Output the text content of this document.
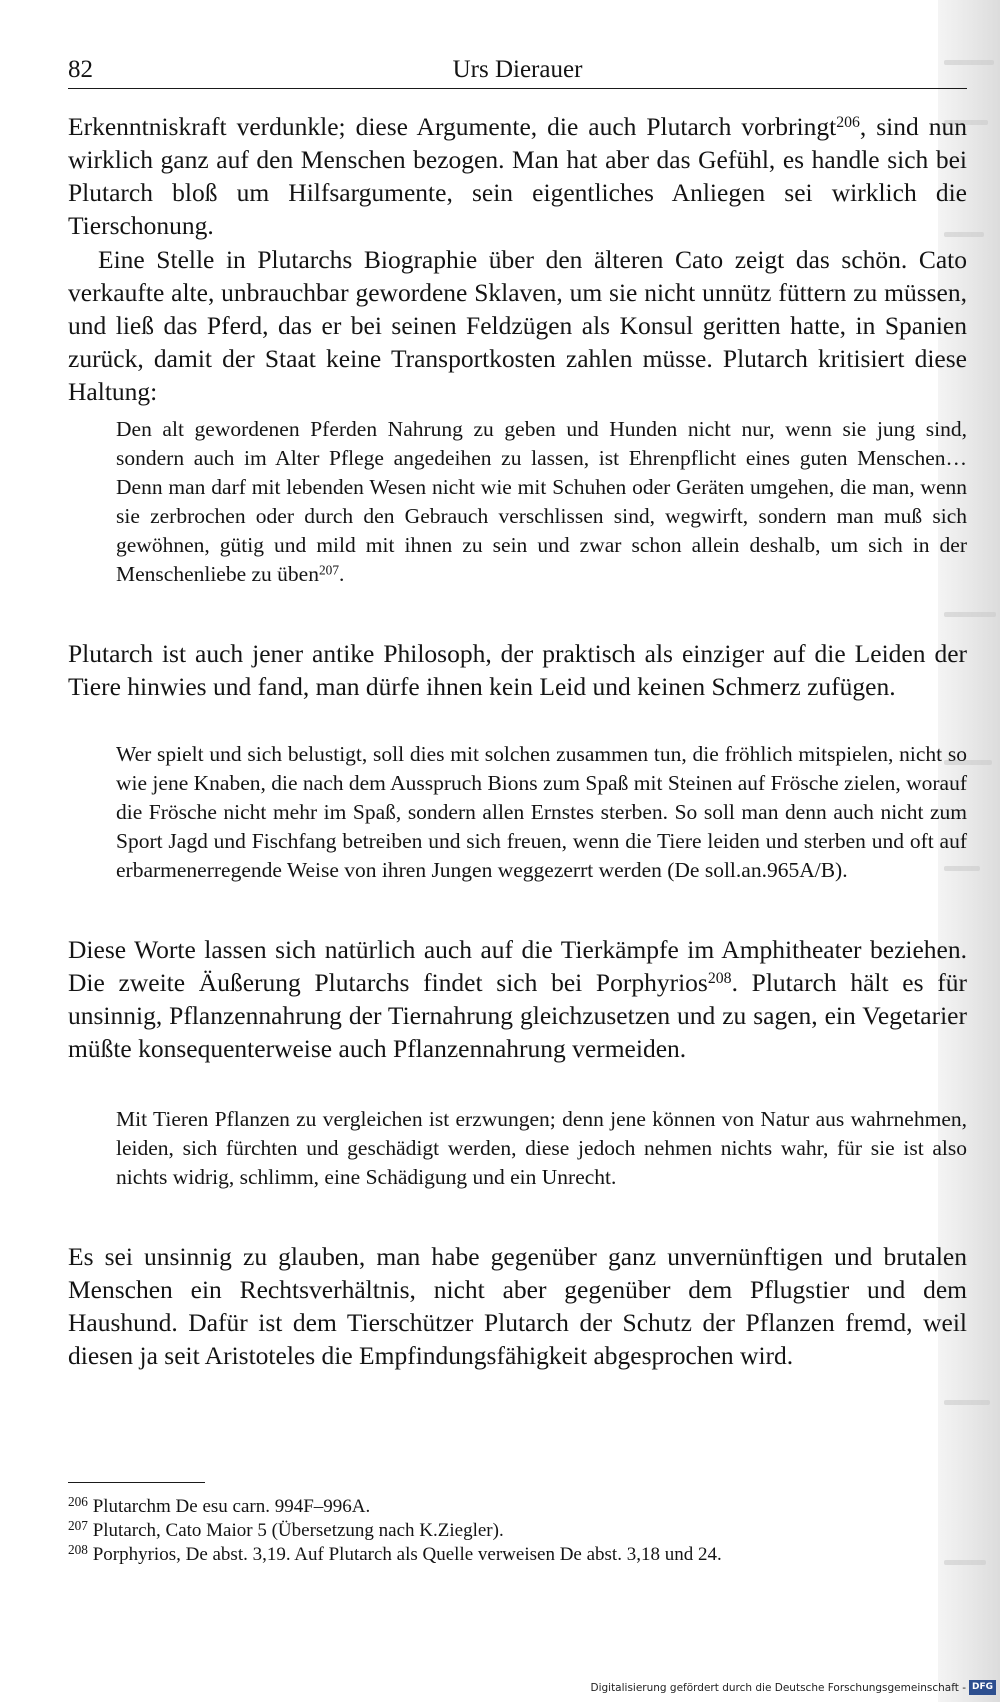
82	Urs Dierauer

Erkenntniskraft verdunkle; diese Argumente, die auch Plutarch vorbringt$^{206}$, sind nun wirklich ganz auf den Menschen bezogen. Man hat aber das Gefühl, es handle sich bei Plutarch bloß um Hilfsargumente, sein eigentliches Anliegen sei wirklich die Tierschonung.

Eine Stelle in Plutarchs Biographie über den älteren Cato zeigt das schön. Cato verkaufte alte, unbrauchbar gewordene Sklaven, um sie nicht unnütz füttern zu müssen, und ließ das Pferd, das er bei seinen Feldzügen als Konsul geritten hatte, in Spanien zurück, damit der Staat keine Transportkosten zahlen müsse. Plutarch kritisiert diese Haltung:

Den alt gewordenen Pferden Nahrung zu geben und Hunden nicht nur, wenn sie jung sind, sondern auch im Alter Pflege angedeihen zu lassen, ist Ehrenpflicht eines guten Menschen… Denn man darf mit lebenden Wesen nicht wie mit Schuhen oder Geräten umgehen, die man, wenn sie zerbrochen oder durch den Gebrauch verschlissen sind, wegwirft, sondern man muß sich gewöhnen, gütig und mild mit ihnen zu sein und zwar schon allein deshalb, um sich in der Menschenliebe zu üben$^{207}$.

Plutarch ist auch jener antike Philosoph, der praktisch als einziger auf die Leiden der Tiere hinwies und fand, man dürfe ihnen kein Leid und keinen Schmerz zufügen.

Wer spielt und sich belustigt, soll dies mit solchen zusammen tun, die fröhlich mitspielen, nicht so wie jene Knaben, die nach dem Ausspruch Bions zum Spaß mit Steinen auf Frösche zielen, worauf die Frösche nicht mehr im Spaß, sondern allen Ernstes sterben. So soll man denn auch nicht zum Sport Jagd und Fischfang betreiben und sich freuen, wenn die Tiere leiden und sterben und oft auf erbarmenerregende Weise von ihren Jungen weggezerrt werden (De soll.an.965A/B).

Diese Worte lassen sich natürlich auch auf die Tierkämpfe im Amphitheater beziehen. Die zweite Äußerung Plutarchs findet sich bei Porphyrios$^{208}$. Plutarch hält es für unsinnig, Pflanzennahrung der Tiernahrung gleichzusetzen und zu sagen, ein Vegetarier müßte konsequenterweise auch Pflanzennahrung vermeiden.

Mit Tieren Pflanzen zu vergleichen ist erzwungen; denn jene können von Natur aus wahrnehmen, leiden, sich fürchten und geschädigt werden, diese jedoch nehmen nichts wahr, für sie ist also nichts widrig, schlimm, eine Schädigung und ein Unrecht.

Es sei unsinnig zu glauben, man habe gegenüber ganz unvernünftigen und brutalen Menschen ein Rechtsverhältnis, nicht aber gegenüber dem Pflugstier und dem Haushund. Dafür ist dem Tierschützer Plutarch der Schutz der Pflanzen fremd, weil diesen ja seit Aristoteles die Empfindungsfähigkeit abgesprochen wird.

$^{206}$ Plutarchm De esu carn. 994F–996A.

$^{207}$ Plutarch, Cato Maior 5 (Übersetzung nach K.Ziegler).

$^{208}$ Porphyrios, De abst. 3,19. Auf Plutarch als Quelle verweisen De abst. 3,18 und 24.

Digitalisierung gefördert durch die Deutsche Forschungsgemeinschaft - DFG
